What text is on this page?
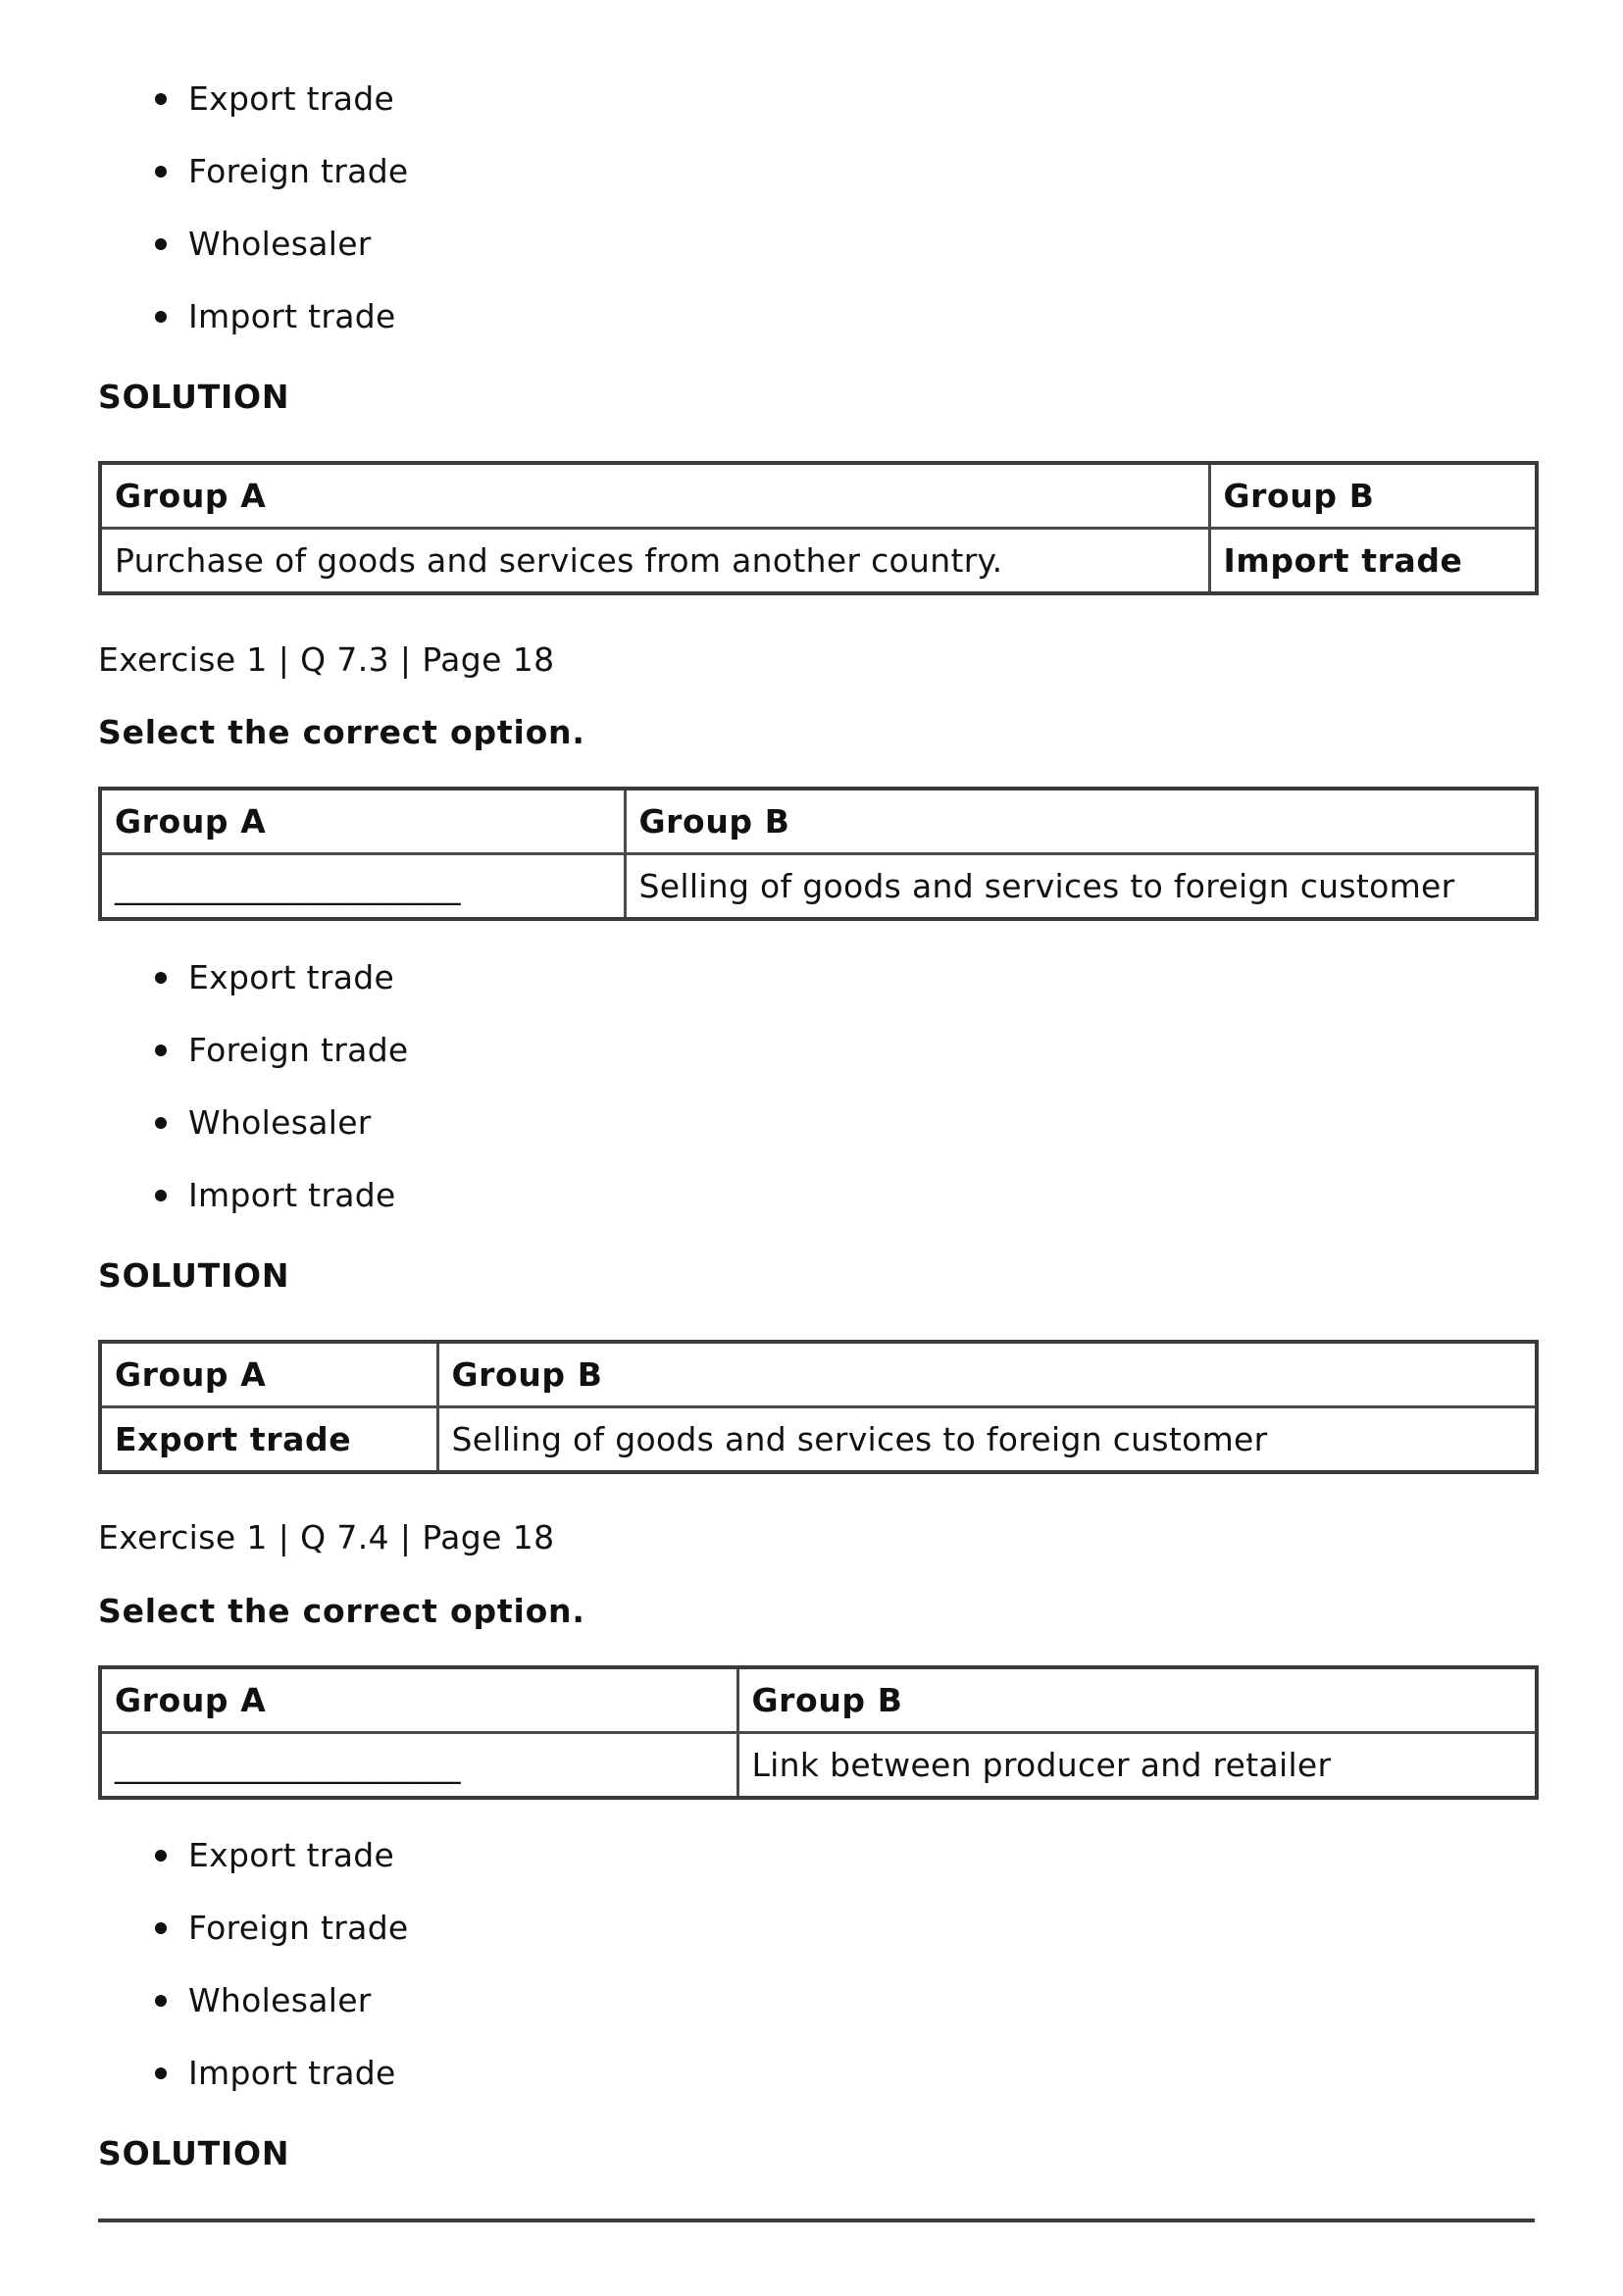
Export trade
Foreign trade
Wholesaler
Import trade
SOLUTION
Group A	Group B
Purchase of goods and services from another country.	Import trade
Exercise 1 | Q 7.3 | Page 18
Select the correct option.
Group A	Group B
_____________________	Selling of goods and services to foreign customer
Export trade
Foreign trade
Wholesaler
Import trade
SOLUTION
Group A	Group B
Export trade	Selling of goods and services to foreign customer
Exercise 1 | Q 7.4 | Page 18
Select the correct option.
Group A	Group B
_____________________	Link between producer and retailer
Export trade
Foreign trade
Wholesaler
Import trade
SOLUTION
